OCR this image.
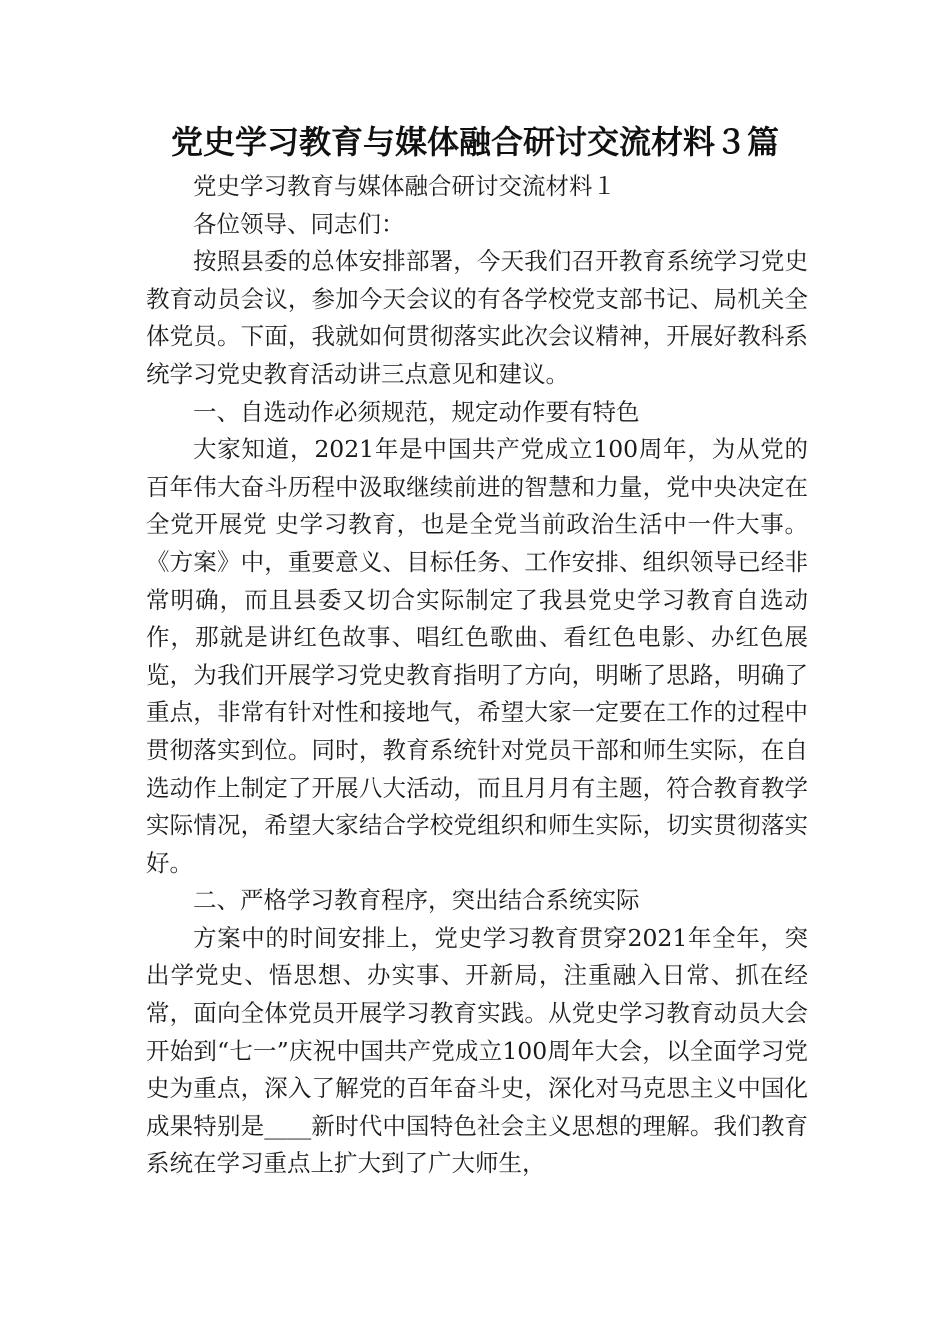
党史学习教育与媒体融合研讨交流材料３篇

党史学习教育与媒体融合研讨交流材料１

各位领导、同志们：

按照县委的总体安排部署，今天我们召开教育系统学习党史教育动员会议，参加今天会议的有各学校党支部书记、局机关全体党员。下面，我就如何贯彻落实此次会议精神，开展好教科系统学习党史教育活动讲三点意见和建议。

一、自选动作必须规范，规定动作要有特色

大家知道，2021年是中国共产党成立100周年，为从党的百年伟大奋斗历程中汲取继续前进的智慧和力量，党中央决定在全党开展党 史学习教育，也是全党当前政治生活中一件大事。《方案》中，重要意义、目标任务、工作安排、组织领导已经非常明确，而且县委又切合实际制定了我县党史学习教育自选动作，那就是讲红色故事、唱红色歌曲、看红色电影、办红色展览，为我们开展学习党史教育指明了方向，明晰了思路，明确了重点，非常有针对性和接地气，希望大家一定要在工作的过程中贯彻落实到位。同时，教育系统针对党员干部和师生实际，在自选动作上制定了开展八大活动，而且月月有主题，符合教育教学实际情况，希望大家结合学校党组织和师生实际，切实贯彻落实好。

二、严格学习教育程序，突出结合系统实际

方案中的时间安排上，党史学习教育贯穿2021年全年，突出学党史、悟思想、办实事、开新局，注重融入日常、抓在经常，面向全体党员开展学习教育实践。从党史学习教育动员大会开始到“七一”庆祝中国共产党成立100周年大会，以全面学习党史为重点，深入了解党的百年奋斗史，深化对马克思主义中国化成果特别是____新时代中国特色社会主义思想的理解。我们教育系统在学习重点上扩大到了广大师生，
